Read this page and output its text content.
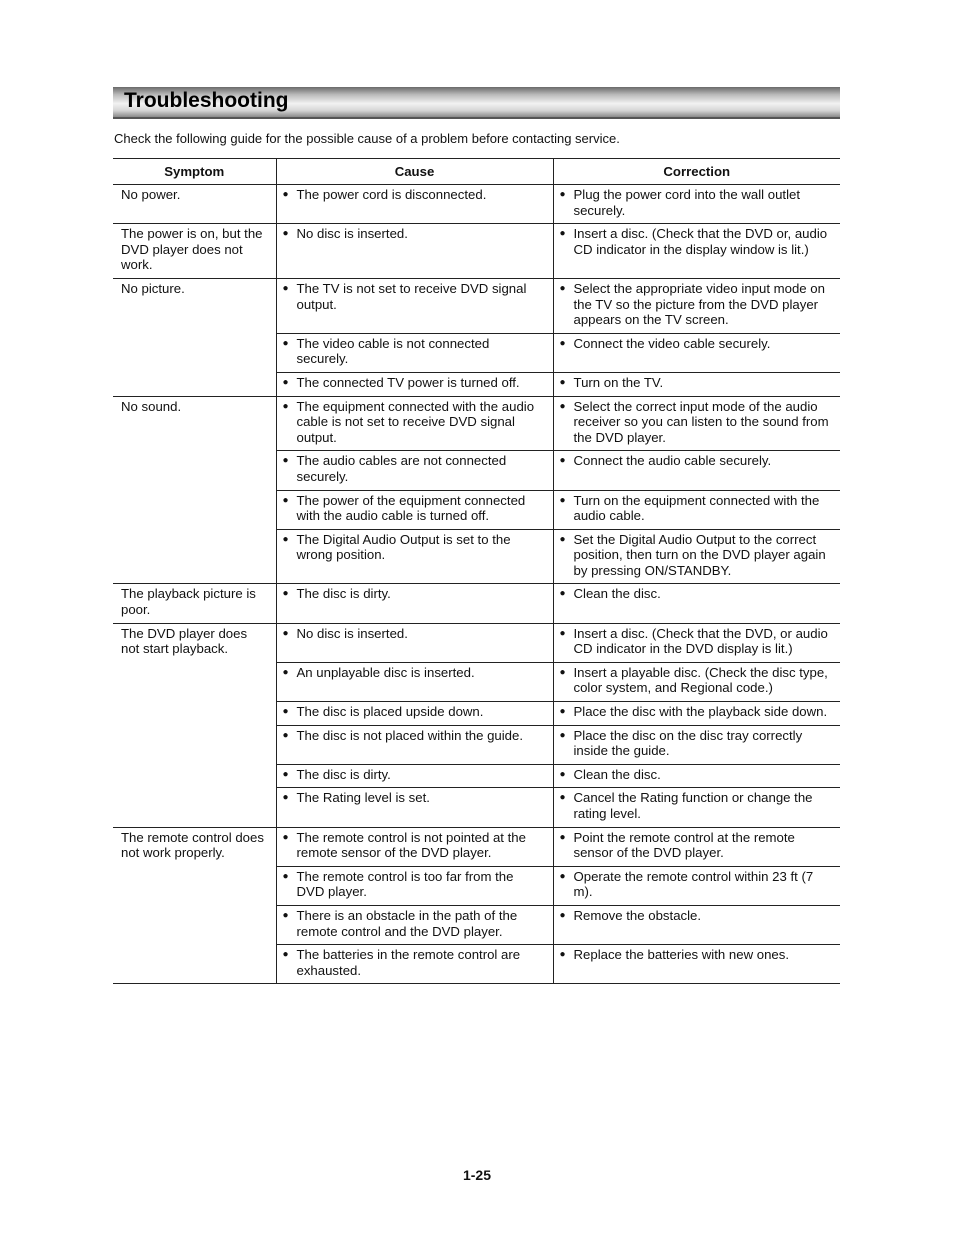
Troubleshooting
Check the following guide for the possible cause of a problem before contacting service.
Symptom	Cause	Correction
No power.	● The power cord is disconnected.	● Plug the power cord into the wall outlet securely.

The power is on, but the DVD player does not work.	● No disc is inserted.	● Insert a disc. (Check that the DVD or, audio CD indicator in the display window is lit.)

No picture.	● The TV is not set to receive DVD signal output.	● Select the appropriate video input mode on the TV so the picture from the DVD player appears on the TV screen.

	● The video cable is not connected securely.	● Connect the video cable securely.

	● The connected TV power is turned off.	● Turn on the TV.

No sound.	● The equipment connected with the audio cable is not set to receive DVD signal output.	● Select the correct input mode of the audio receiver so you can listen to the sound from the DVD player.

	● The audio cables are not connected securely.	● Connect the audio cable securely.

	● The power of the equipment connected with the audio cable is turned off.	● Turn on the equipment connected with the audio cable.

	● The Digital Audio Output is set to the wrong position.	● Set the Digital Audio Output to the correct position, then turn on the DVD player again by pressing ON/STANDBY.

The playback picture is poor.	● The disc is dirty.	● Clean the disc.

The DVD player does not start playback.	● No disc is inserted.	● Insert a disc. (Check that the DVD, or audio CD indicator in the DVD display is lit.)

	● An unplayable disc is inserted.	● Insert a playable disc. (Check the disc type, color system, and Regional code.)

	● The disc is placed upside down.	● Place the disc with the playback side down.

	● The disc is not placed within the guide.	● Place the disc on the disc tray correctly inside the guide.

	● The disc is dirty.	● Clean the disc.

	● The Rating level is set.	● Cancel the Rating function or change the rating level.

The remote control does not work properly.	● The remote control is not pointed at the remote sensor of the DVD player.	● Point the remote control at the remote sensor of the DVD player.

	● The remote control is too far from the DVD player.	● Operate the remote control within 23 ft (7 m).

	● There is an obstacle in the path of the remote control and the DVD player.	● Remove the obstacle.

	● The batteries in the remote control are exhausted.	● Replace the batteries with new ones.
1-25
